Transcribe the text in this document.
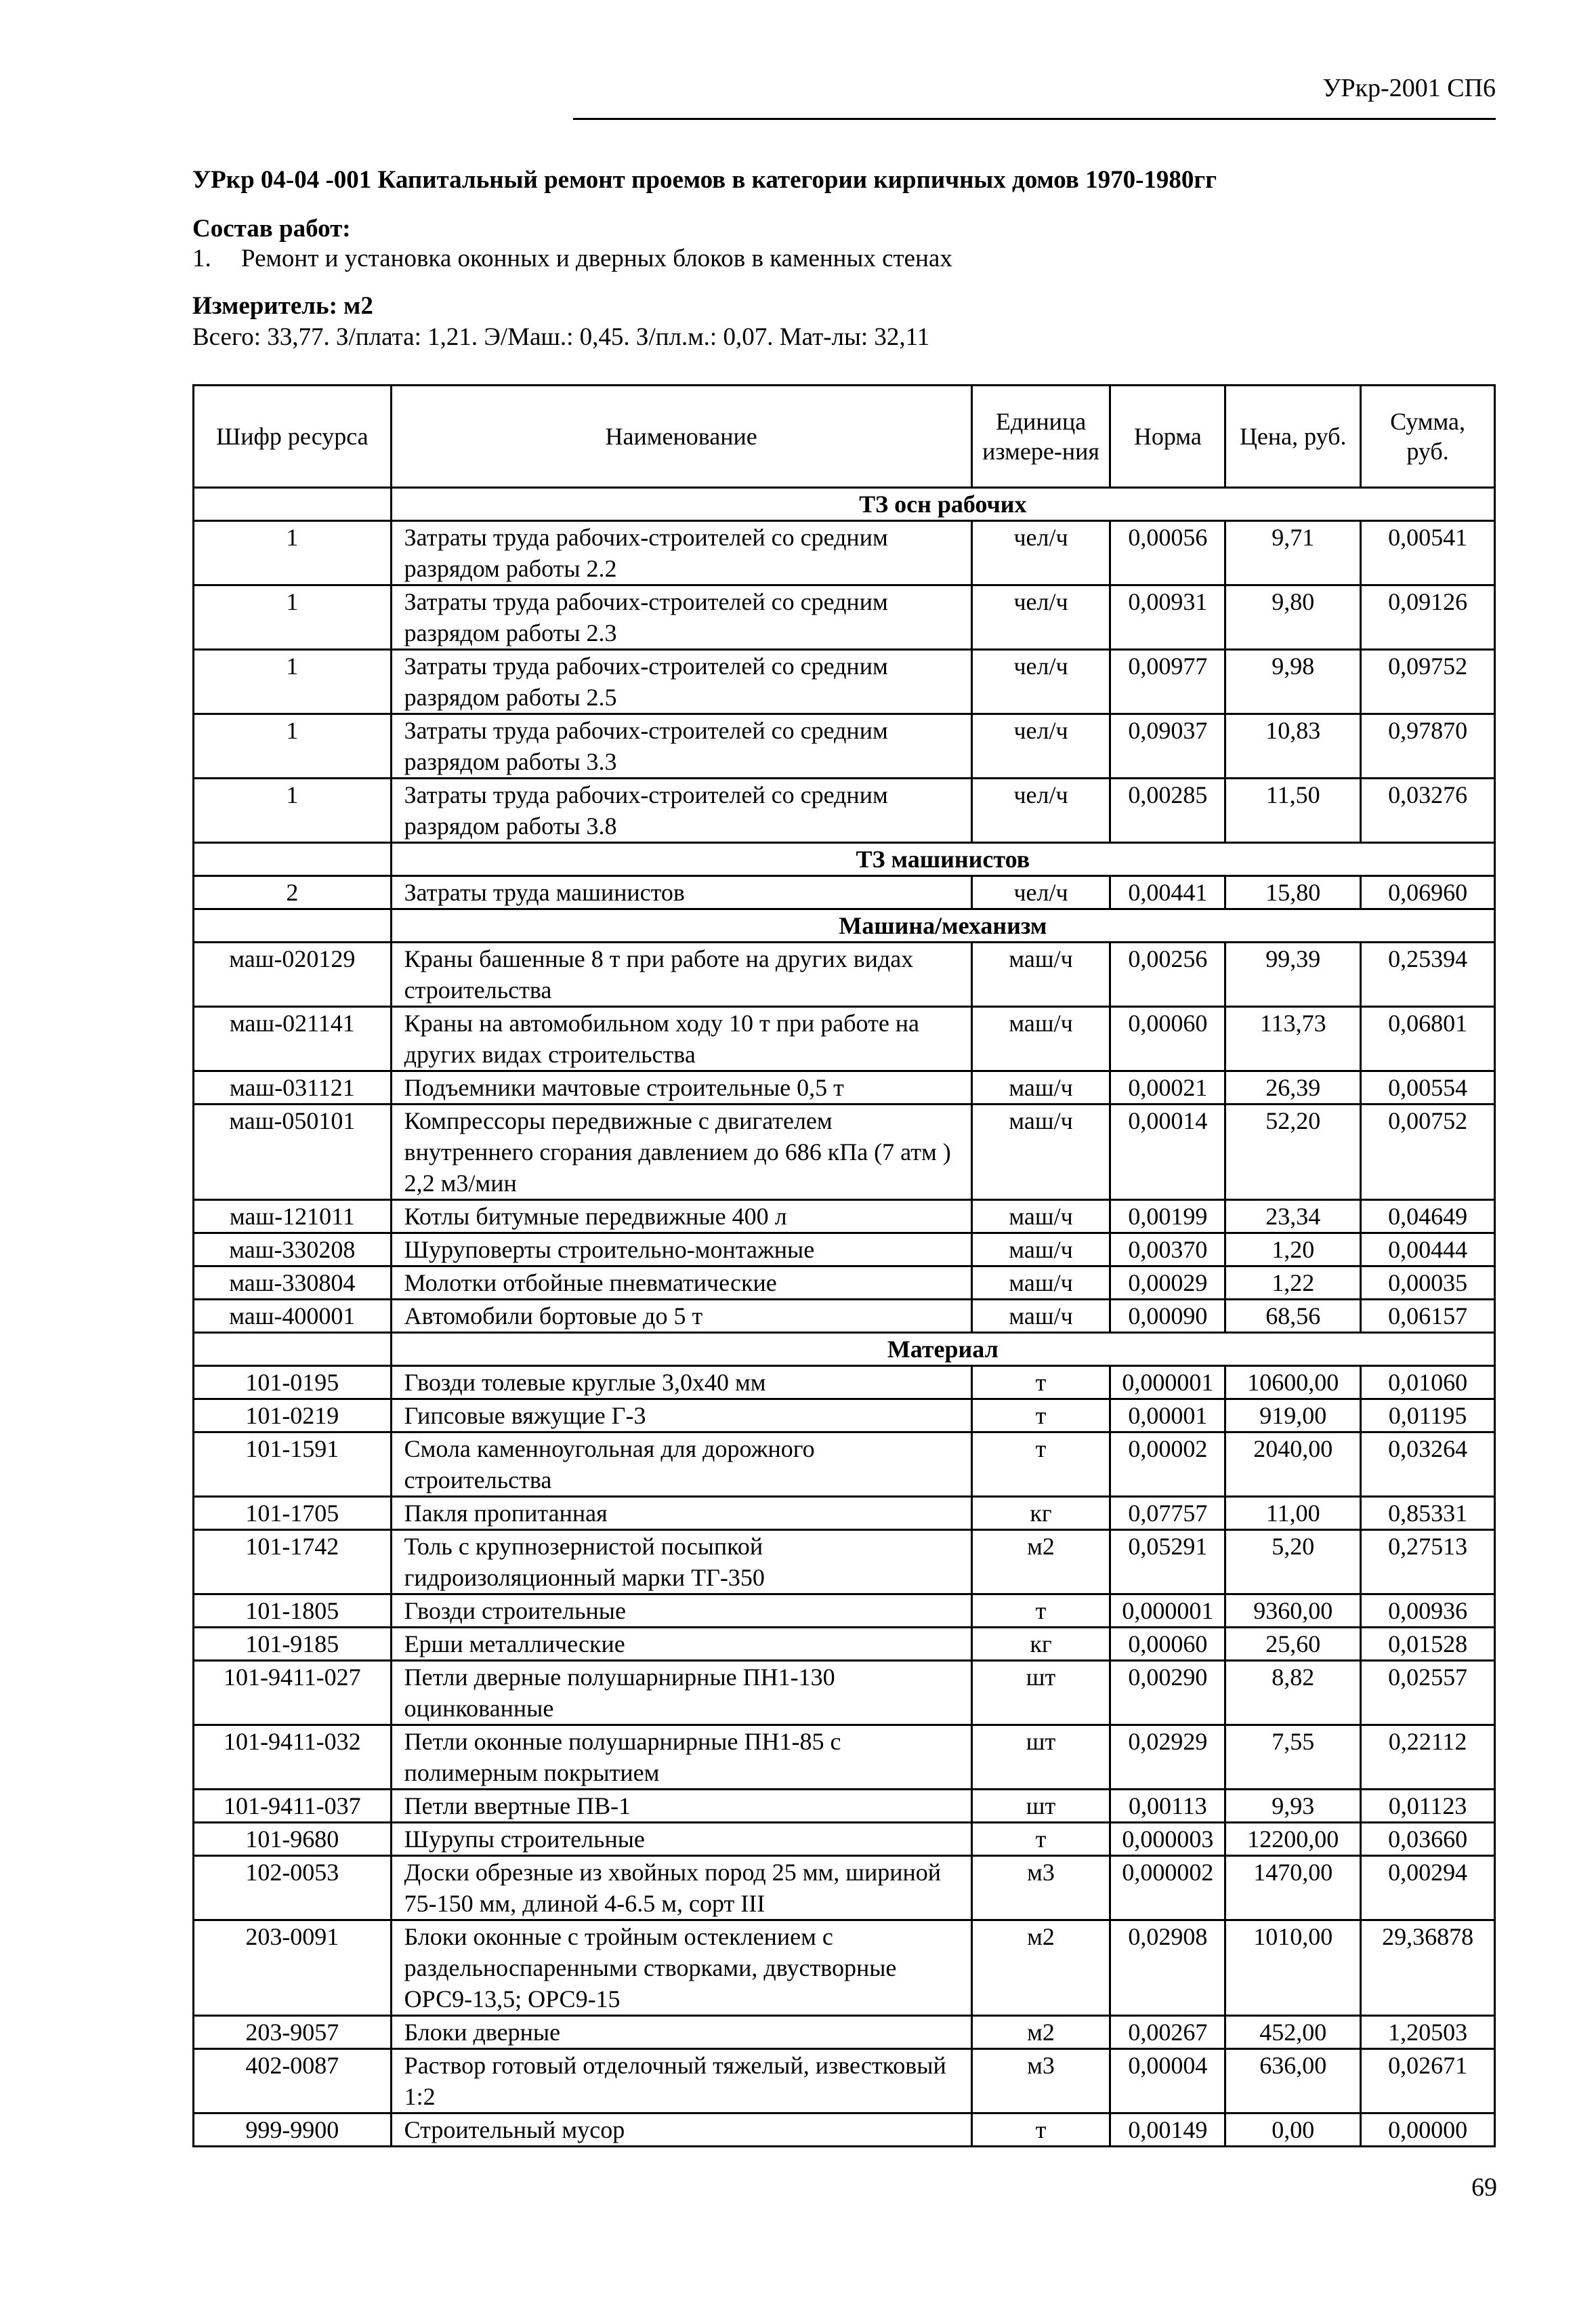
УРкр-2001 СП6
УРкр 04-04 -001 Капитальный ремонт проемов в категории кирпичных домов 1970-1980гг
Состав работ:
1. Ремонт и установка оконных и дверных блоков в каменных стенах
Измеритель: м2
Всего: 33,77. З/плата: 1,21. Э/Маш.: 0,45. З/пл.м.: 0,07. Мат-лы: 32,11
Шифр ресурса	Наименование	Единица измере-ния	Норма	Цена, руб.	Сумма, руб.
	ТЗ осн рабочих				
1	Затраты труда рабочих-строителей со средним разрядом работы 2.2	чел/ч	0,00056	9,71	0,00541
1	Затраты труда рабочих-строителей со средним разрядом работы 2.3	чел/ч	0,00931	9,80	0,09126
1	Затраты труда рабочих-строителей со средним разрядом работы 2.5	чел/ч	0,00977	9,98	0,09752
1	Затраты труда рабочих-строителей со средним разрядом работы 3.3	чел/ч	0,09037	10,83	0,97870
1	Затраты труда рабочих-строителей со средним разрядом работы 3.8	чел/ч	0,00285	11,50	0,03276
	ТЗ машинистов				
2	Затраты труда машинистов	чел/ч	0,00441	15,80	0,06960
	Машина/механизм				
маш-020129	Краны башенные 8 т при работе на других видах строительства	маш/ч	0,00256	99,39	0,25394
маш-021141	Краны на автомобильном ходу 10 т при работе на других видах строительства	маш/ч	0,00060	113,73	0,06801
маш-031121	Подъемники мачтовые строительные 0,5 т	маш/ч	0,00021	26,39	0,00554
маш-050101	Компрессоры передвижные с двигателем внутреннего сгорания давлением до 686 кПа (7 атм ) 2,2 м3/мин	маш/ч	0,00014	52,20	0,00752
маш-121011	Котлы битумные передвижные 400 л	маш/ч	0,00199	23,34	0,04649
маш-330208	Шуруповерты строительно-монтажные	маш/ч	0,00370	1,20	0,00444
маш-330804	Молотки отбойные пневматические	маш/ч	0,00029	1,22	0,00035
маш-400001	Автомобили бортовые до 5 т	маш/ч	0,00090	68,56	0,06157
	Материал				
101-0195	Гвозди толевые круглые 3,0х40 мм	т	0,000001	10600,00	0,01060
101-0219	Гипсовые вяжущие Г-3	т	0,00001	919,00	0,01195
101-1591	Смола каменноугольная для дорожного строительства	т	0,00002	2040,00	0,03264
101-1705	Пакля пропитанная	кг	0,07757	11,00	0,85331
101-1742	Толь с крупнозернистой посыпкой гидроизоляционный марки ТГ-350	м2	0,05291	5,20	0,27513
101-1805	Гвозди строительные	т	0,000001	9360,00	0,00936
101-9185	Ерши металлические	кг	0,00060	25,60	0,01528
101-9411-027	Петли дверные полушарнирные ПН1-130 оцинкованные	шт	0,00290	8,82	0,02557
101-9411-032	Петли оконные полушарнирные ПН1-85 с полимерным покрытием	шт	0,02929	7,55	0,22112
101-9411-037	Петли ввертные ПВ-1	шт	0,00113	9,93	0,01123
101-9680	Шурупы строительные	т	0,000003	12200,00	0,03660
102-0053	Доски обрезные из хвойных пород 25 мм, шириной 75-150 мм, длиной 4-6.5 м, сорт III	м3	0,000002	1470,00	0,00294
203-0091	Блоки оконные с тройным остеклением с раздельноспаренными створками, двустворные ОРС9-13,5; ОРС9-15	м2	0,02908	1010,00	29,36878
203-9057	Блоки дверные	м2	0,00267	452,00	1,20503
402-0087	Раствор готовый отделочный тяжелый, известковый 1:2	м3	0,00004	636,00	0,02671
999-9900	Строительный мусор	т	0,00149	0,00	0,00000
69
